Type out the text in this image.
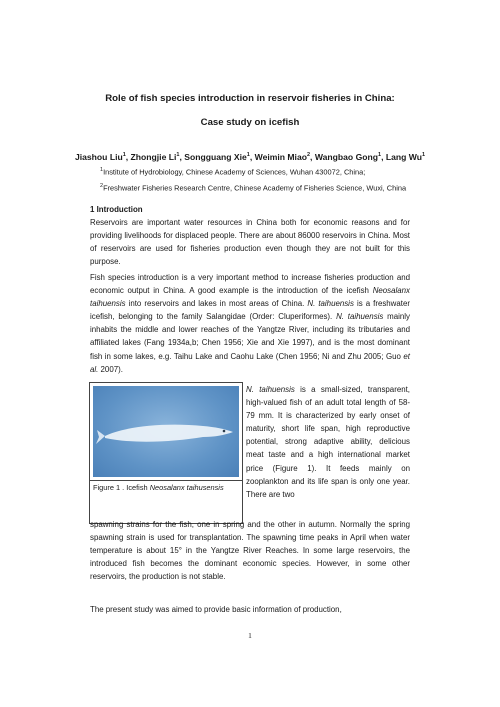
Role of fish species introduction in reservoir fisheries in China:
Case study on icefish
Jiashou Liu$^1$, Zhongjie Li$^1$, Songguang Xie$^1$, Weimin Miao$^2$, Wangbao Gong$^1$, Lang Wu$^1$
$^1$Institute of Hydrobiology, Chinese Academy of Sciences, Wuhan 430072, China;
$^2$Freshwater Fisheries Research Centre, Chinese Academy of Fisheries Science, Wuxi, China
1 Introduction

Reservoirs are important water resources in China both for economic reasons and for providing livelihoods for displaced people. There are about 86000 reservoirs in China. Most of reservoirs are used for fisheries production even though they are not built for this purpose.

Fish species introduction is a very important method to increase fisheries production and economic output in China. A good example is the introduction of the icefish Neosalanx taihuensis into reservoirs and lakes in most areas of China. N. taihuensis is a freshwater icefish, belonging to the family Salangidae (Order: Cluperiformes). N. taihuensis mainly inhabits the middle and lower reaches of the Yangtze River, including its tributaries and affiliated lakes (Fang 1934a,b; Chen 1956; Xie and Xie 1997), and is the most dominant fish in some lakes, e.g. Taihu Lake and Caohu Lake (Chen 1956; Ni and Zhu 2005; Guo et al. 2007).

Figure 1 . Icefish Neosalanx taihusensis

N. taihuensis is a small-sized, transparent, high-valued fish of an adult total length of 58-79 mm. It is characterized by early onset of maturity, short life span, high reproductive potential, strong adaptive ability, delicious meat taste and a high international market price (Figure 1). It feeds mainly on zooplankton and its life span is only one year. There are two

spawning strains for the fish, one in spring and the other in autumn. Normally the spring spawning strain is used for transplantation. The spawning time peaks in April when water temperature is about 15° in the Yangtze River Reaches. In some large reservoirs, the introduced fish becomes the dominant economic species. However, in some other reservoirs, the production is not stable.

The present study was aimed to provide basic information of production,

1
